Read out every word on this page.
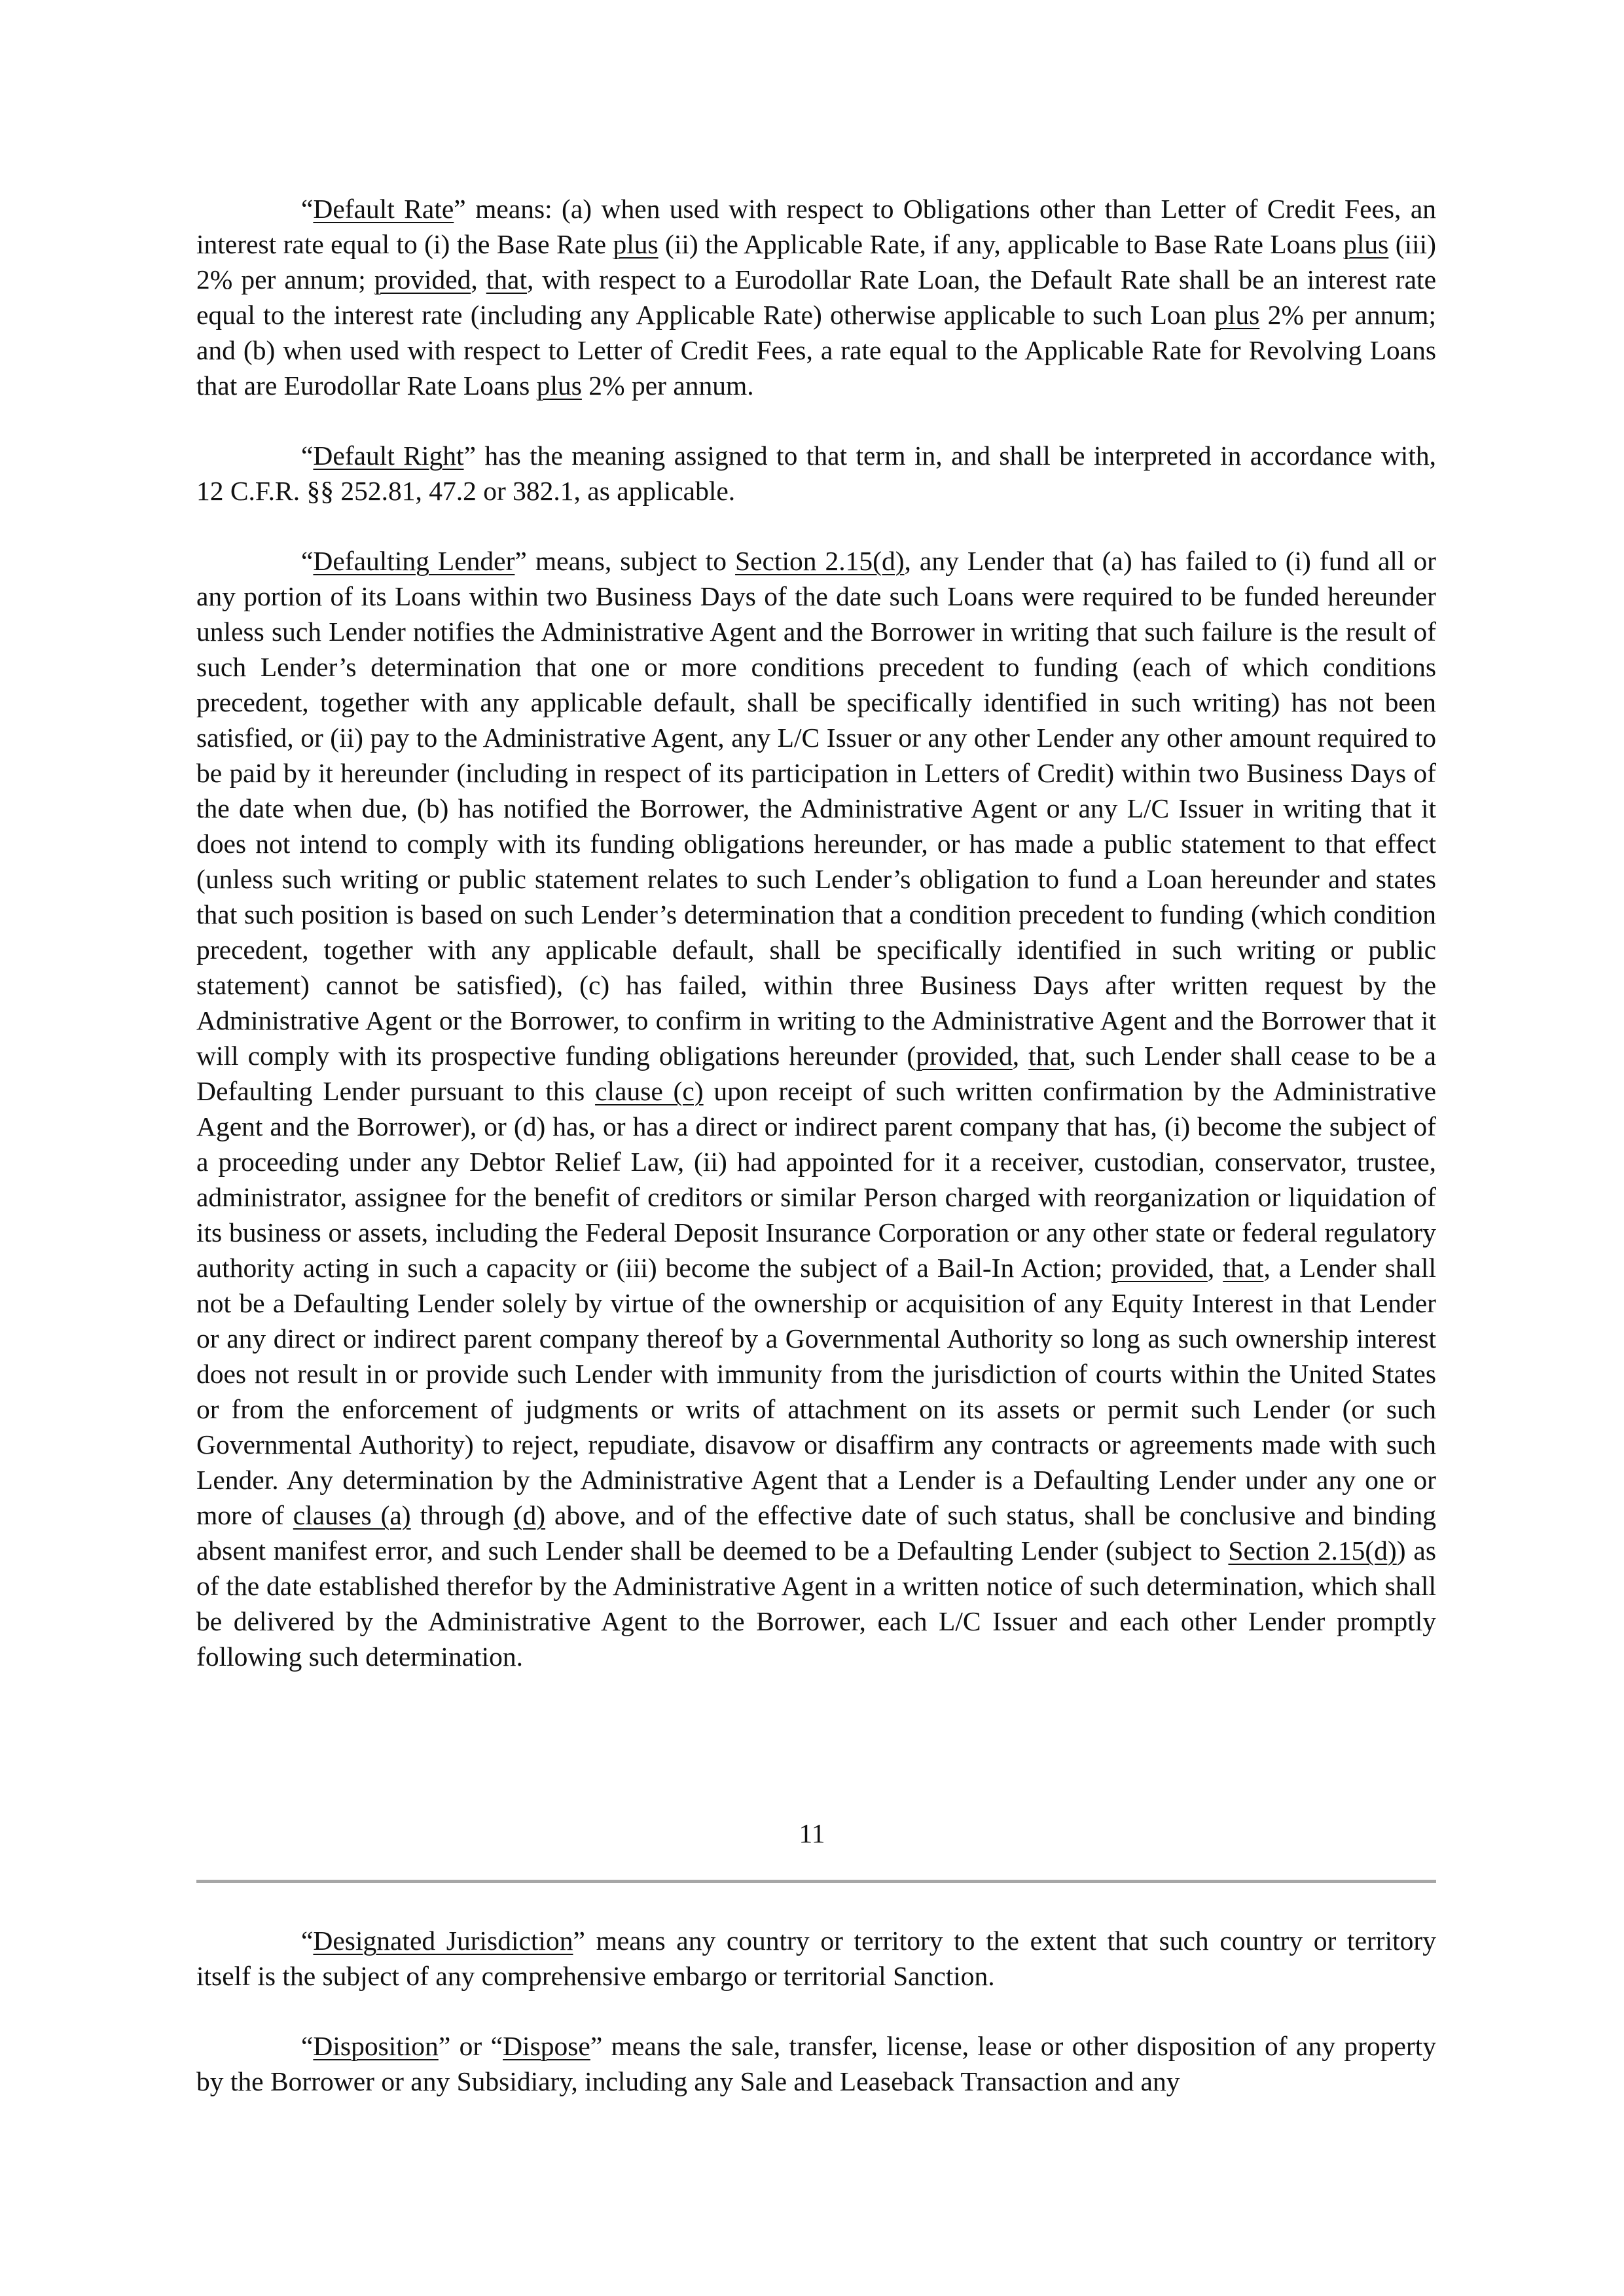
“Default Rate” means: (a) when used with respect to Obligations other than Letter of Credit Fees, an interest rate equal to (i) the Base Rate plus (ii) the Applicable Rate, if any, applicable to Base Rate Loans plus (iii) 2% per annum; provided, that, with respect to a Eurodollar Rate Loan, the Default Rate shall be an interest rate equal to the interest rate (including any Applicable Rate) otherwise applicable to such Loan plus 2% per annum; and (b) when used with respect to Letter of Credit Fees, a rate equal to the Applicable Rate for Revolving Loans that are Eurodollar Rate Loans plus 2% per annum.

“Default Right” has the meaning assigned to that term in, and shall be interpreted in accordance with, 12 C.F.R. §§ 252.81, 47.2 or 382.1, as applicable.

“Defaulting Lender” means, subject to Section 2.15(d), any Lender that (a) has failed to (i) fund all or any portion of its Loans within two Business Days of the date such Loans were required to be funded hereunder unless such Lender notifies the Administrative Agent and the Borrower in writing that such failure is the result of such Lender’s determination that one or more conditions precedent to funding (each of which conditions precedent, together with any applicable default, shall be specifically identified in such writing) has not been satisfied, or (ii) pay to the Administrative Agent, any L/C Issuer or any other Lender any other amount required to be paid by it hereunder (including in respect of its participation in Letters of Credit) within two Business Days of the date when due, (b) has notified the Borrower, the Administrative Agent or any L/C Issuer in writing that it does not intend to comply with its funding obligations hereunder, or has made a public statement to that effect (unless such writing or public statement relates to such Lender’s obligation to fund a Loan hereunder and states that such position is based on such Lender’s determination that a condition precedent to funding (which condition precedent, together with any applicable default, shall be specifically identified in such writing or public statement) cannot be satisfied), (c) has failed, within three Business Days after written request by the Administrative Agent or the Borrower, to confirm in writing to the Administrative Agent and the Borrower that it will comply with its prospective funding obligations hereunder (provided, that, such Lender shall cease to be a Defaulting Lender pursuant to this clause (c) upon receipt of such written confirmation by the Administrative Agent and the Borrower), or (d) has, or has a direct or indirect parent company that has, (i) become the subject of a proceeding under any Debtor Relief Law, (ii) had appointed for it a receiver, custodian, conservator, trustee, administrator, assignee for the benefit of creditors or similar Person charged with reorganization or liquidation of its business or assets, including the Federal Deposit Insurance Corporation or any other state or federal regulatory authority acting in such a capacity or (iii) become the subject of a Bail-In Action; provided, that, a Lender shall not be a Defaulting Lender solely by virtue of the ownership or acquisition of any Equity Interest in that Lender or any direct or indirect parent company thereof by a Governmental Authority so long as such ownership interest does not result in or provide such Lender with immunity from the jurisdiction of courts within the United States or from the enforcement of judgments or writs of attachment on its assets or permit such Lender (or such Governmental Authority) to reject, repudiate, disavow or disaffirm any contracts or agreements made with such Lender. Any determination by the Administrative Agent that a Lender is a Defaulting Lender under any one or more of clauses (a) through (d) above, and of the effective date of such status, shall be conclusive and binding absent manifest error, and such Lender shall be deemed to be a Defaulting Lender (subject to Section 2.15(d)) as of the date established therefor by the Administrative Agent in a written notice of such determination, which shall be delivered by the Administrative Agent to the Borrower, each L/C Issuer and each other Lender promptly following such determination.

11

“Designated Jurisdiction” means any country or territory to the extent that such country or territory itself is the subject of any comprehensive embargo or territorial Sanction.

“Disposition” or “Dispose” means the sale, transfer, license, lease or other disposition of any property by the Borrower or any Subsidiary, including any Sale and Leaseback Transaction and any
